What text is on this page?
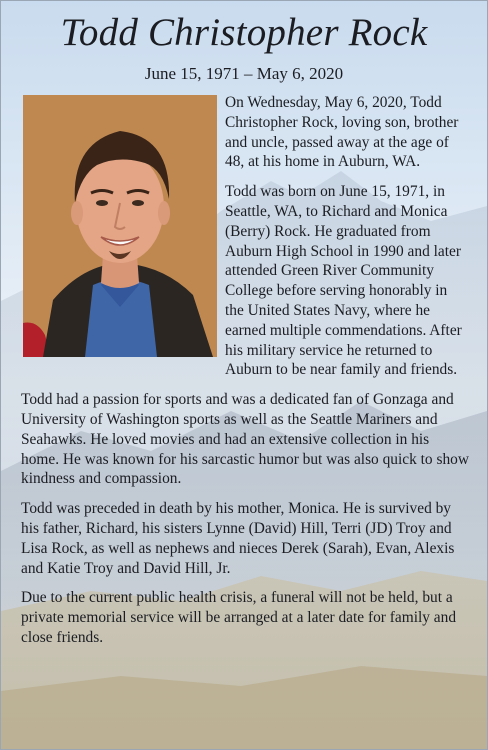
Todd Christopher Rock
June 15, 1971 – May 6, 2020

On Wednesday, May 6, 2020, Todd Christopher Rock, loving son, brother and uncle, passed away at the age of 48, at his home in Auburn, WA.

Todd was born on June 15, 1971, in Seattle, WA, to Richard and Monica (Berry) Rock. He graduated from Auburn High School in 1990 and later attended Green River Community College before serving honorably in the United States Navy, where he earned multiple commendations. After his military service he returned to Auburn to be near family and friends.

Todd had a passion for sports and was a dedicated fan of Gonzaga and University of Washington sports as well as the Seattle Mariners and Seahawks. He loved movies and had an extensive collection in his home. He was known for his sarcastic humor but was also quick to show kindness and compassion.

Todd was preceded in death by his mother, Monica. He is survived by his father, Richard, his sisters Lynne (David) Hill, Terri (JD) Troy and Lisa Rock, as well as nephews and nieces Derek (Sarah), Evan, Alexis and Katie Troy and David Hill, Jr.

Due to the current public health crisis, a funeral will not be held, but a private memorial service will be arranged at a later date for family and close friends.
